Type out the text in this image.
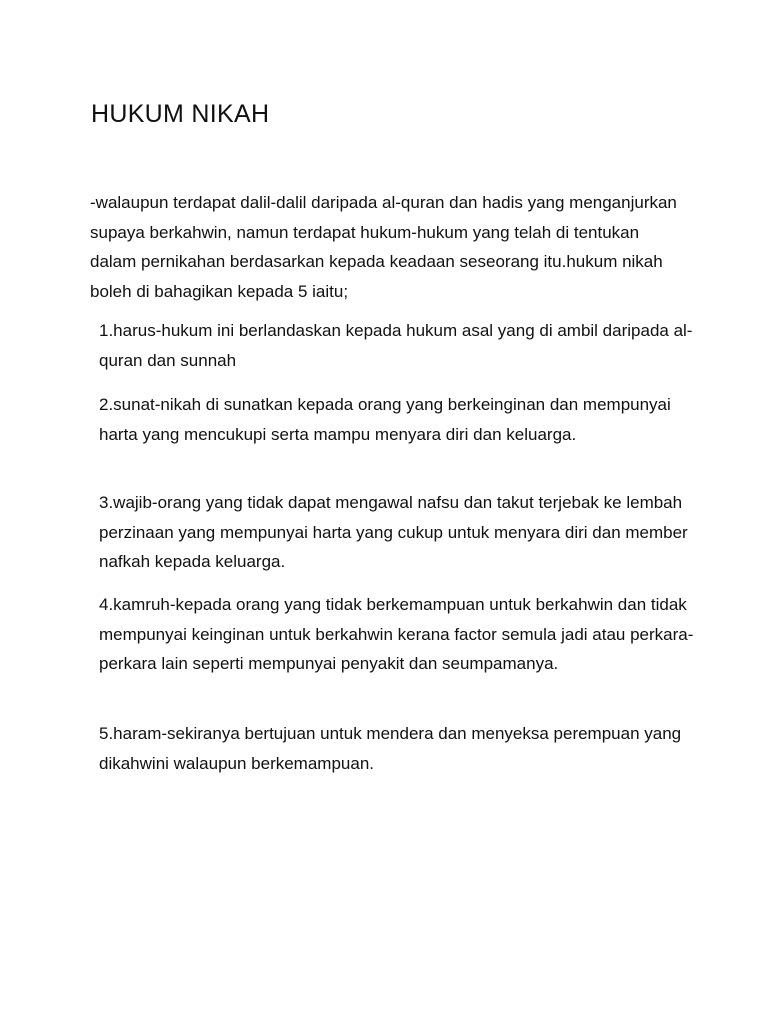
HUKUM NIKAH

-walaupun terdapat dalil-dalil daripada al-quran dan hadis yang menganjurkan supaya berkahwin, namun terdapat hukum-hukum yang telah di tentukan dalam pernikahan berdasarkan kepada keadaan seseorang itu.hukum nikah boleh di bahagikan kepada 5 iaitu;

1.harus-hukum ini berlandaskan kepada hukum asal yang di ambil daripada al-quran dan sunnah

2.sunat-nikah di sunatkan kepada orang yang berkeinginan dan mempunyai harta yang mencukupi serta mampu menyara diri dan keluarga.

3.wajib-orang yang tidak dapat mengawal nafsu dan takut terjebak ke lembah perzinaan yang mempunyai harta yang cukup untuk menyara diri dan member nafkah kepada keluarga.

4.kamruh-kepada orang yang tidak berkemampuan untuk berkahwin dan tidak mempunyai keinginan untuk berkahwin kerana factor semula jadi atau perkara-perkara lain seperti mempunyai penyakit dan seumpamanya.

5.haram-sekiranya bertujuan untuk mendera dan menyeksa perempuan yang dikahwini walaupun berkemampuan.
